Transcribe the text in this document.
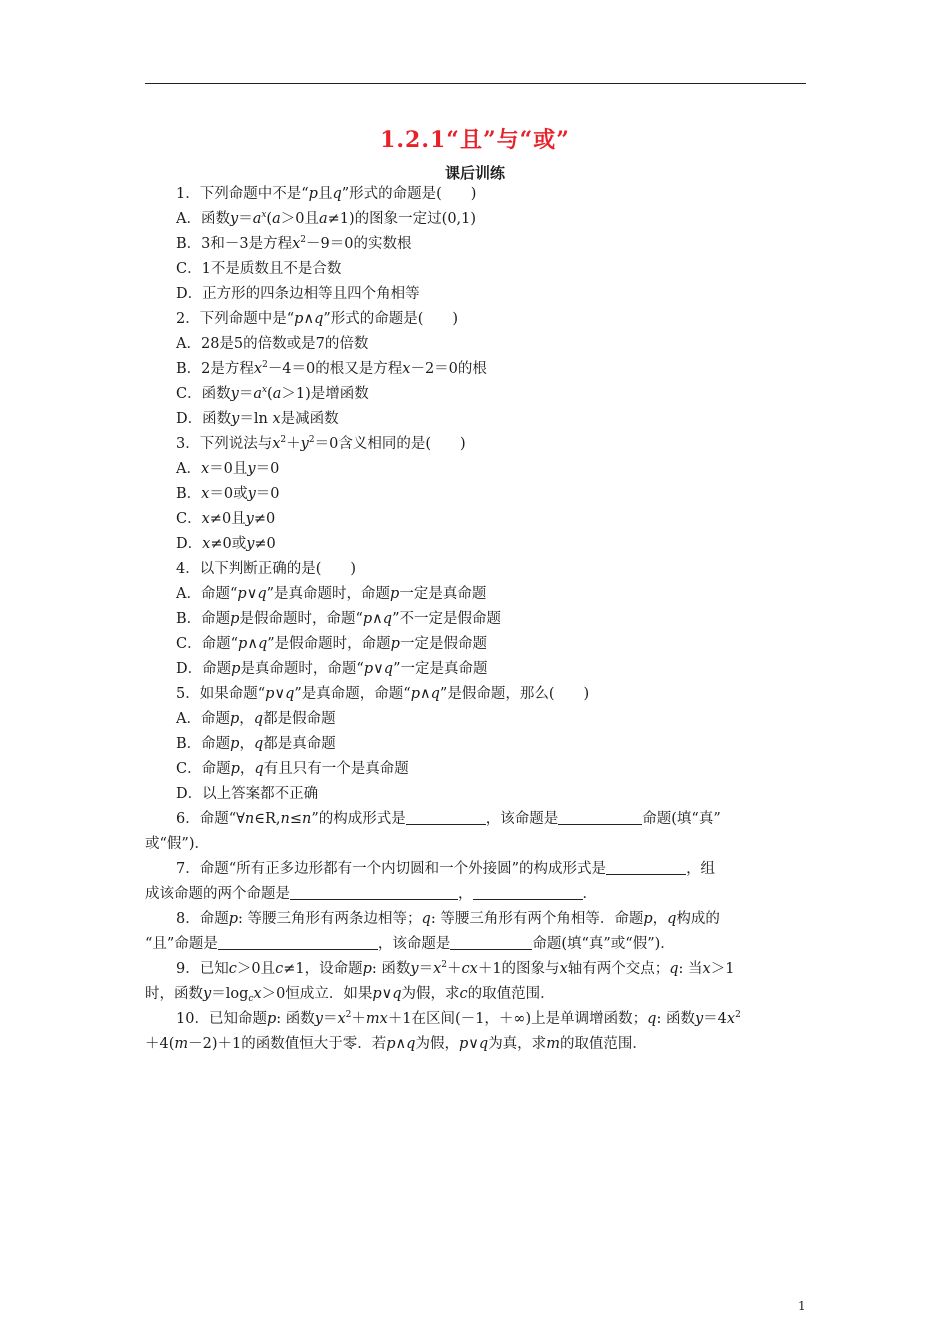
1.2.1“且”与“或”
课后训练
1．下列命题中不是“p且q”形式的命题是(　　)
A．函数$y=a^x(a>0$且a≠1)的图象一定过(0,1)
B．3和－3是方程$x^2-9=0$的实数根
C．1不是质数且不是合数
D．正方形的四条边相等且四个角相等
2．下列命题中是“p∧q”形式的命题是(　　)
A．28是5的倍数或是7的倍数
B．2是方程$x^2-4=0$的根又是方程x－2＝0的根
C．函数$y=a^x(a>1)$是增函数
D．函数y＝ln x是减函数
3．下列说法与$x^2+y^2=0$含义相同的是(　　)
A．x＝0且y＝0
B．x＝0或y＝0
C．x≠0且y≠0
D．x≠0或y≠0
4．以下判断正确的是(　　)
A．命题“p∨q”是真命题时，命题p一定是真命题
B．命题p是假命题时，命题“p∧q”不一定是假命题
C．命题“p∧q”是假命题时，命题p一定是假命题
D．命题p是真命题时，命题“p∨q”一定是真命题
5．如果命题“p∨q”是真命题，命题“p∧q”是假命题，那么(　　)
A．命题p，q都是假命题
B．命题p，q都是真命题
C．命题p，q有且只有一个是真命题
D．以上答案都不正确
6．命题“∀n∈R,n≤n”的构成形式是	，该命题是	命题(填“真”
或“假”)．
7．命题“所有正多边形都有一个内切圆和一个外接圆”的构成形式是	，组
成该命题的两个命题是	，	．
8．命题p: 等腰三角形有两条边相等；q: 等腰三角形有两个角相等．命题p，q构成的
“且”命题是	，该命题是	命题(填“真”或“假”)．
9．已知c＞0且c≠1，设命题p: 函数$y=x^2+cx+1$的图象与x轴有两个交点；q: 当x＞1
时，函数$y=\log_cx>0$恒成立．如果p∨q为假，求c的取值范围．
10．已知命题p: 函数$y=x^2+mx+1$在区间(－1，＋∞)上是单调增函数；q: 函数$y=4x^2$
＋4(m－2)＋1的函数值恒大于零．若p∧q为假，p∨q为真，求m的取值范围．
1
